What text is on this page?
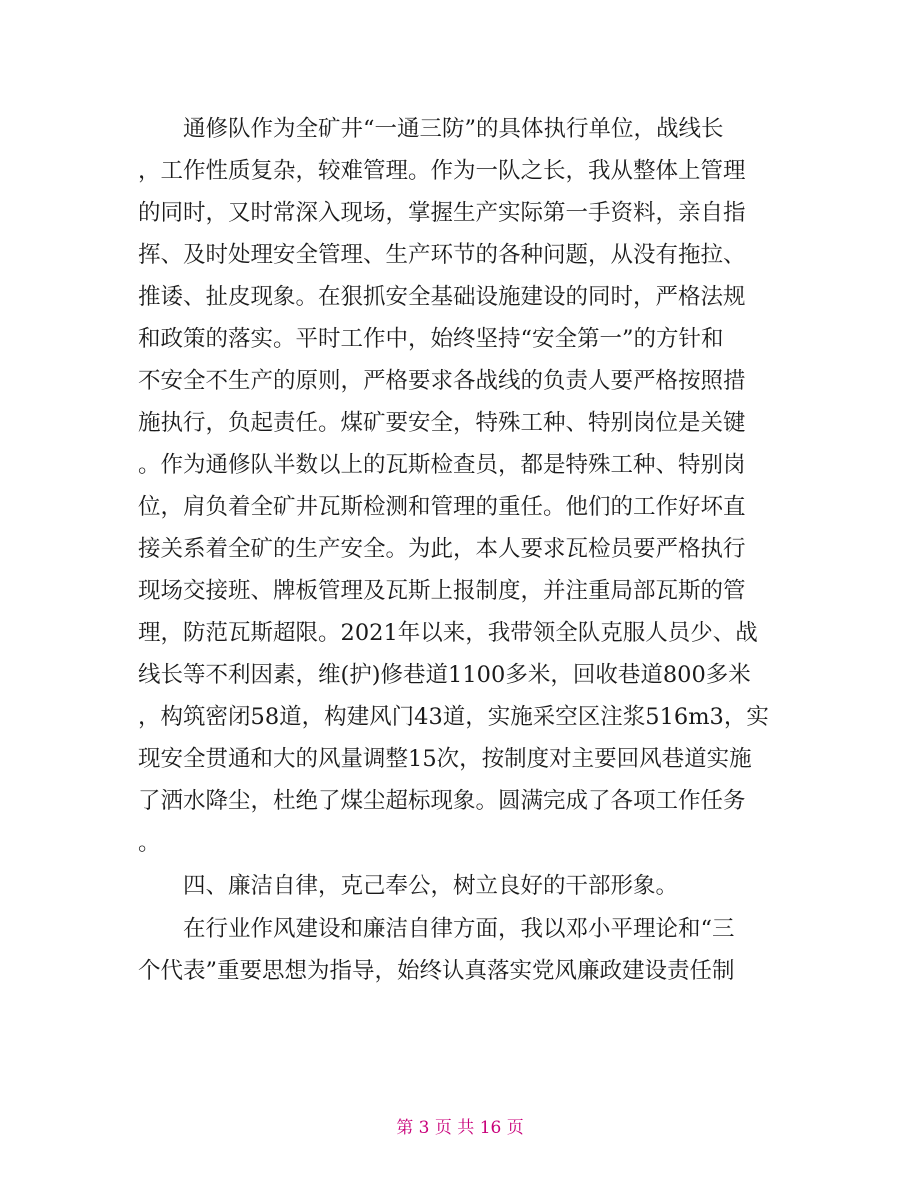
通修队作为全矿井“一通三防”的具体执行单位，战线长
，工作性质复杂，较难管理。作为一队之长，我从整体上管理
的同时，又时常深入现场，掌握生产实际第一手资料，亲自指
挥、及时处理安全管理、生产环节的各种问题，从没有拖拉、
推诿、扯皮现象。在狠抓安全基础设施建设的同时，严格法规
和政策的落实。平时工作中，始终坚持“安全第一”的方针和
不安全不生产的原则，严格要求各战线的负责人要严格按照措
施执行，负起责任。煤矿要安全，特殊工种、特别岗位是关键
。作为通修队半数以上的瓦斯检查员，都是特殊工种、特别岗
位，肩负着全矿井瓦斯检测和管理的重任。他们的工作好坏直
接关系着全矿的生产安全。为此，本人要求瓦检员要严格执行
现场交接班、牌板管理及瓦斯上报制度，并注重局部瓦斯的管
理，防范瓦斯超限。2021年以来，我带领全队克服人员少、战
线长等不利因素，维(护)修巷道1100多米，回收巷道800多米
，构筑密闭58道，构建风门43道，实施采空区注浆516m3，实
现安全贯通和大的风量调整15次，按制度对主要回风巷道实施
了洒水降尘，杜绝了煤尘超标现象。圆满完成了各项工作任务
。
四、廉洁自律，克己奉公，树立良好的干部形象。
在行业作风建设和廉洁自律方面，我以邓小平理论和“三
个代表”重要思想为指导，始终认真落实党风廉政建设责任制
第 3 页 共 16 页
